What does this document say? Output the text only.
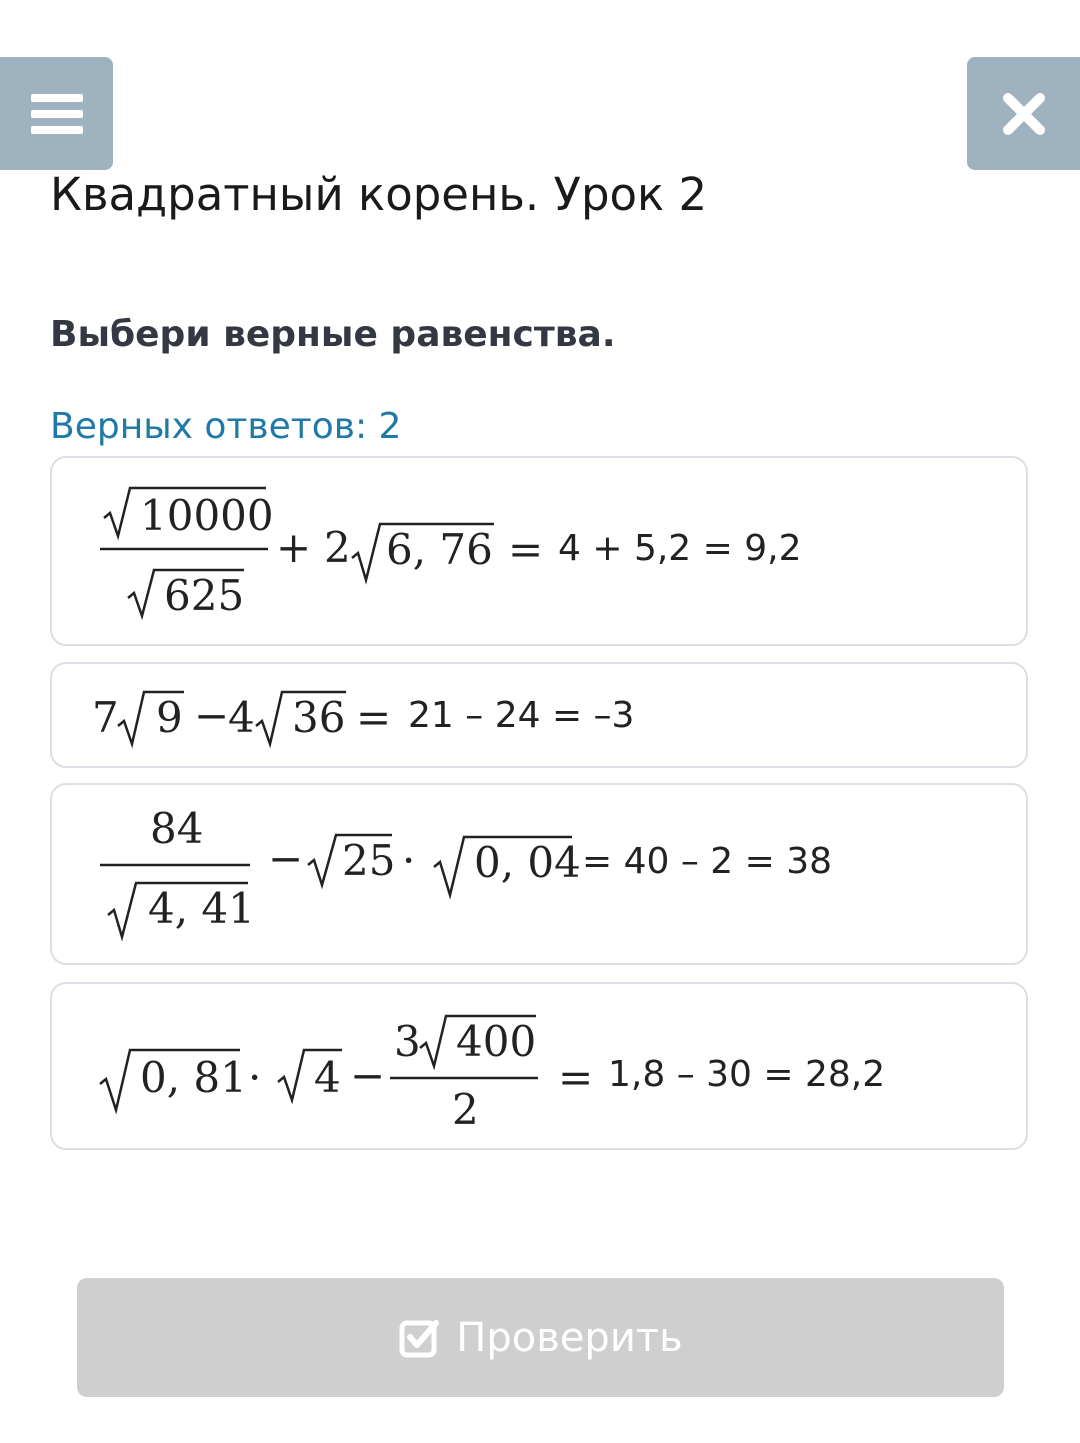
Квадратный корень. Урок 2
Выбери верные равенства.
Верных ответов: 2
10000
625
+ 2 6, 76 = 4 + 5,2 = 9,2
7 9 −
4 36 = 21 – 24 = –3
84
4, 41
− 25 · 0, 04 = 40 – 2 = 38
0, 81 · 4 −
3 400
2
= 1,8 – 30 = 28,2
Проверить
